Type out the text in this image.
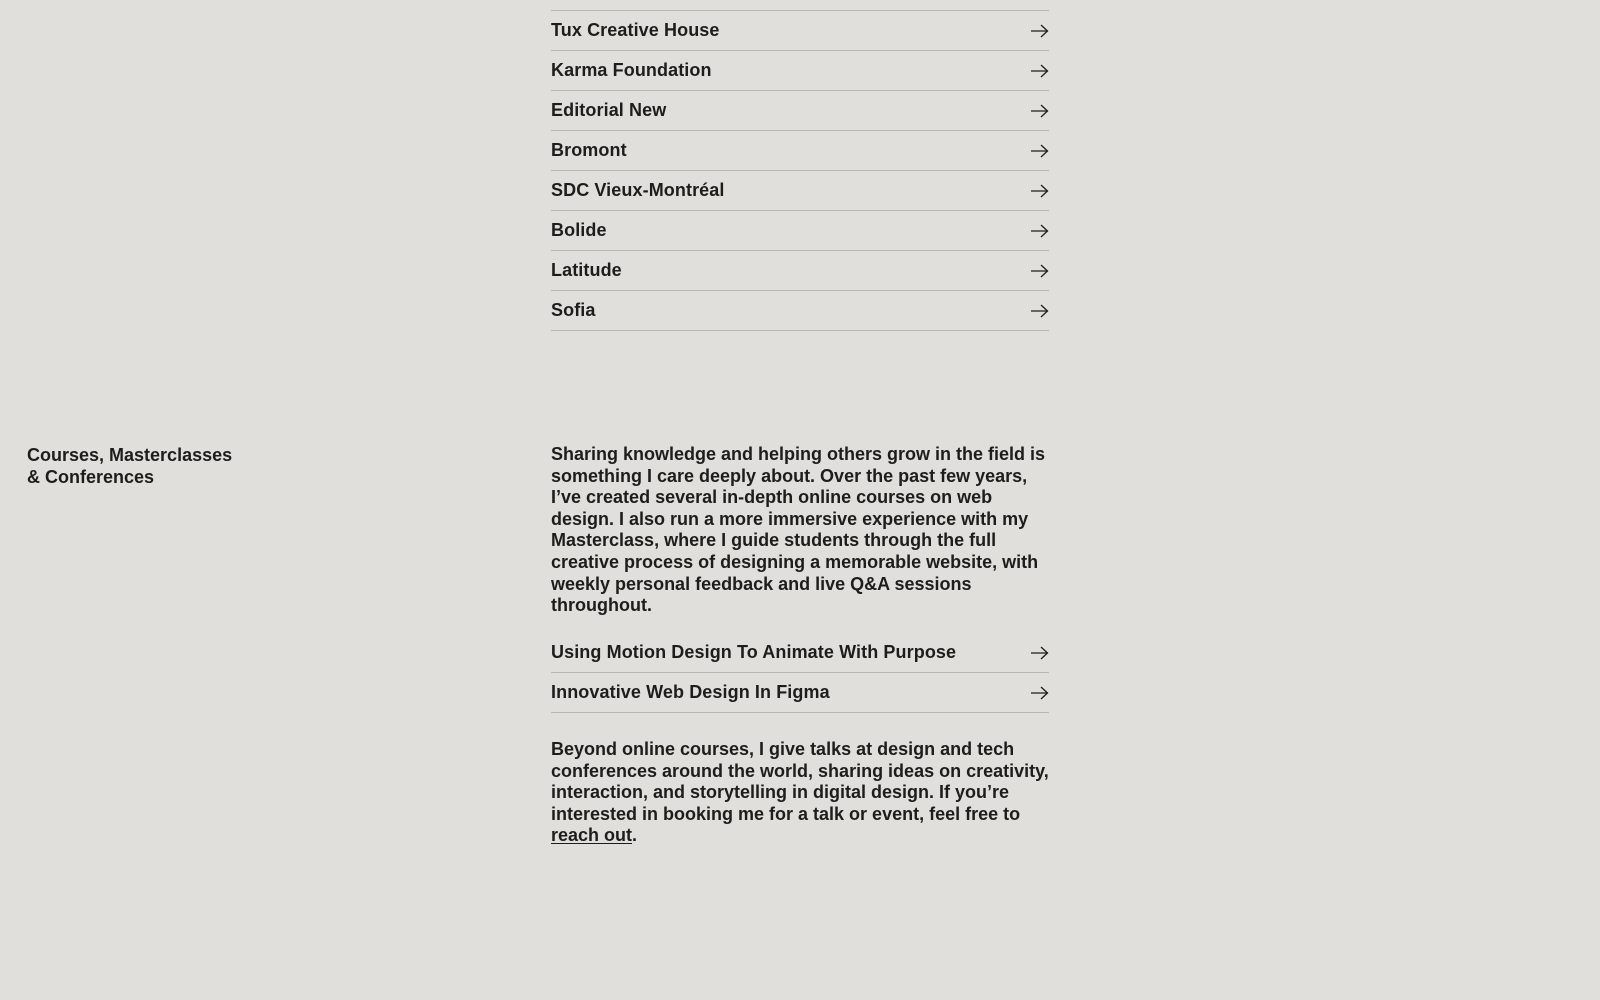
Tux Creative House
Karma Foundation
Editorial New
Bromont
SDC Vieux-Montréal
Bolide
Latitude
Sofia
Courses, Masterclasses
& Conferences

Sharing knowledge and helping others grow in the field is something I care deeply about. Over the past few years, I’ve created several in-depth online courses on web design. I also run a more immersive experience with my Masterclass, where I guide students through the full creative process of designing a memorable website, with weekly personal feedback and live Q&A sessions throughout.

Using Motion Design To Animate With Purpose
Innovative Web Design In Figma

Beyond online courses, I give talks at design and tech conferences around the world, sharing ideas on creativity, interaction, and storytelling in digital design. If you’re interested in booking me for a talk or event, feel free to reach out.
